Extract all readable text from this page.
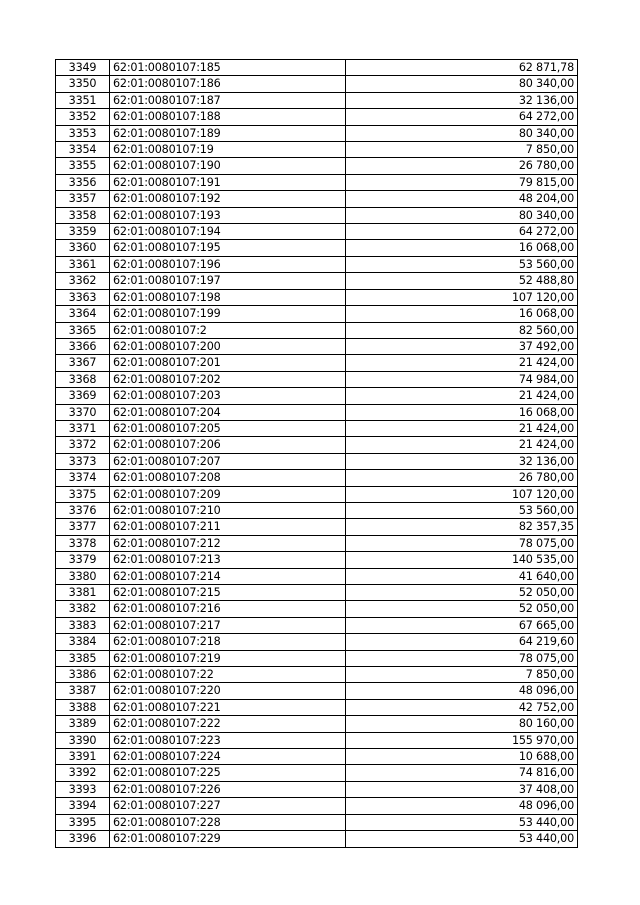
3349	62:01:0080107:185	62 871,78
3350	62:01:0080107:186	80 340,00
3351	62:01:0080107:187	32 136,00
3352	62:01:0080107:188	64 272,00
3353	62:01:0080107:189	80 340,00
3354	62:01:0080107:19	7 850,00
3355	62:01:0080107:190	26 780,00
3356	62:01:0080107:191	79 815,00
3357	62:01:0080107:192	48 204,00
3358	62:01:0080107:193	80 340,00
3359	62:01:0080107:194	64 272,00
3360	62:01:0080107:195	16 068,00
3361	62:01:0080107:196	53 560,00
3362	62:01:0080107:197	52 488,80
3363	62:01:0080107:198	107 120,00
3364	62:01:0080107:199	16 068,00
3365	62:01:0080107:2	82 560,00
3366	62:01:0080107:200	37 492,00
3367	62:01:0080107:201	21 424,00
3368	62:01:0080107:202	74 984,00
3369	62:01:0080107:203	21 424,00
3370	62:01:0080107:204	16 068,00
3371	62:01:0080107:205	21 424,00
3372	62:01:0080107:206	21 424,00
3373	62:01:0080107:207	32 136,00
3374	62:01:0080107:208	26 780,00
3375	62:01:0080107:209	107 120,00
3376	62:01:0080107:210	53 560,00
3377	62:01:0080107:211	82 357,35
3378	62:01:0080107:212	78 075,00
3379	62:01:0080107:213	140 535,00
3380	62:01:0080107:214	41 640,00
3381	62:01:0080107:215	52 050,00
3382	62:01:0080107:216	52 050,00
3383	62:01:0080107:217	67 665,00
3384	62:01:0080107:218	64 219,60
3385	62:01:0080107:219	78 075,00
3386	62:01:0080107:22	7 850,00
3387	62:01:0080107:220	48 096,00
3388	62:01:0080107:221	42 752,00
3389	62:01:0080107:222	80 160,00
3390	62:01:0080107:223	155 970,00
3391	62:01:0080107:224	10 688,00
3392	62:01:0080107:225	74 816,00
3393	62:01:0080107:226	37 408,00
3394	62:01:0080107:227	48 096,00
3395	62:01:0080107:228	53 440,00
3396	62:01:0080107:229	53 440,00
